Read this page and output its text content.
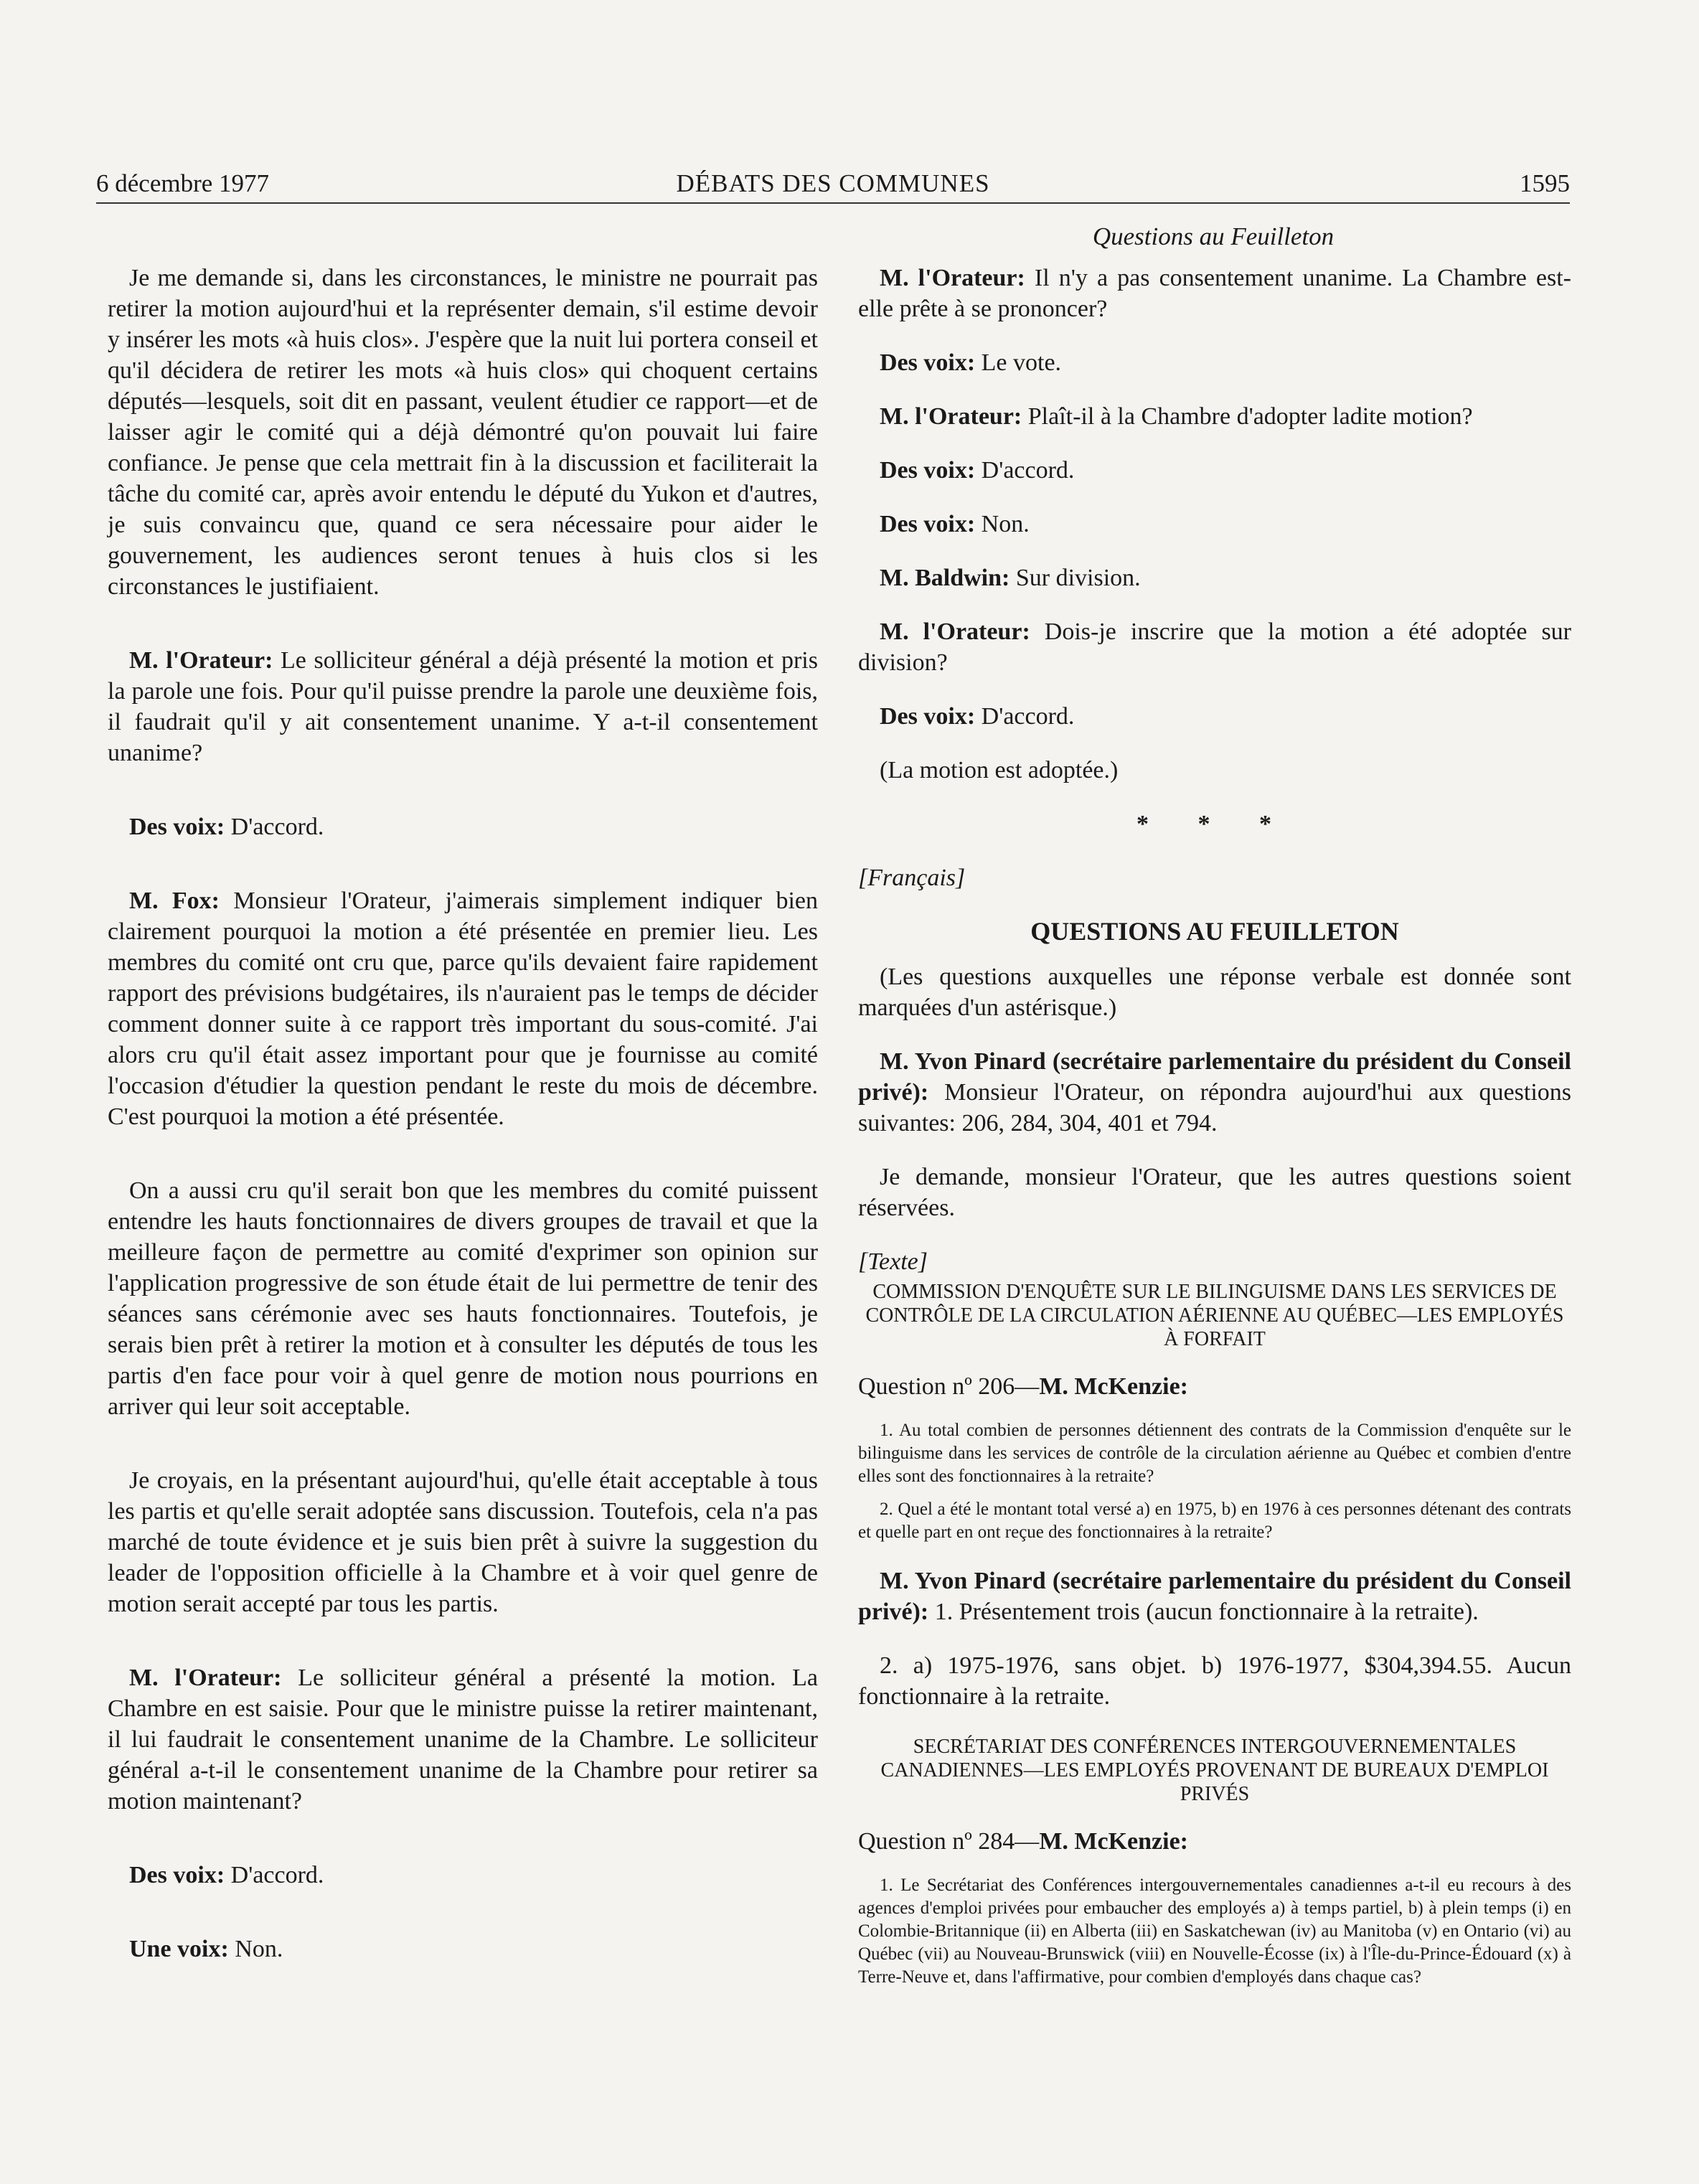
6 décembre 1977	DÉBATS DES COMMUNES	1595
Questions au Feuilleton

Je me demande si, dans les circonstances, le ministre ne pourrait pas retirer la motion aujourd'hui et la représenter demain, s'il estime devoir y insérer les mots «à huis clos». J'espère que la nuit lui portera conseil et qu'il décidera de retirer les mots «à huis clos» qui choquent certains députés—lesquels, soit dit en passant, veulent étudier ce rapport—et de laisser agir le comité qui a déjà démontré qu'on pouvait lui faire confiance. Je pense que cela mettrait fin à la discussion et faciliterait la tâche du comité car, après avoir entendu le député du Yukon et d'autres, je suis convaincu que, quand ce sera nécessaire pour aider le gouvernement, les audiences seront tenues à huis clos si les circonstances le justifiaient.

M. l'Orateur: Le solliciteur général a déjà présenté la motion et pris la parole une fois. Pour qu'il puisse prendre la parole une deuxième fois, il faudrait qu'il y ait consentement unanime. Y a-t-il consentement unanime?

Des voix: D'accord.

M. Fox: Monsieur l'Orateur, j'aimerais simplement indiquer bien clairement pourquoi la motion a été présentée en premier lieu. Les membres du comité ont cru que, parce qu'ils devaient faire rapidement rapport des prévisions budgétaires, ils n'auraient pas le temps de décider comment donner suite à ce rapport très important du sous-comité. J'ai alors cru qu'il était assez important pour que je fournisse au comité l'occasion d'étudier la question pendant le reste du mois de décembre. C'est pourquoi la motion a été présentée.

On a aussi cru qu'il serait bon que les membres du comité puissent entendre les hauts fonctionnaires de divers groupes de travail et que la meilleure façon de permettre au comité d'exprimer son opinion sur l'application progressive de son étude était de lui permettre de tenir des séances sans cérémonie avec ses hauts fonctionnaires. Toutefois, je serais bien prêt à retirer la motion et à consulter les députés de tous les partis d'en face pour voir à quel genre de motion nous pourrions en arriver qui leur soit acceptable.

Je croyais, en la présentant aujourd'hui, qu'elle était acceptable à tous les partis et qu'elle serait adoptée sans discussion. Toutefois, cela n'a pas marché de toute évidence et je suis bien prêt à suivre la suggestion du leader de l'opposition officielle à la Chambre et à voir quel genre de motion serait accepté par tous les partis.

M. l'Orateur: Le solliciteur général a présenté la motion. La Chambre en est saisie. Pour que le ministre puisse la retirer maintenant, il lui faudrait le consentement unanime de la Chambre. Le solliciteur général a-t-il le consentement unanime de la Chambre pour retirer sa motion maintenant?

Des voix: D'accord.

Une voix: Non.

M. l'Orateur: Il n'y a pas consentement unanime. La Chambre est-elle prête à se prononcer?

Des voix: Le vote.

M. l'Orateur: Plaît-il à la Chambre d'adopter ladite motion?

Des voix: D'accord.

Des voix: Non.

M. Baldwin: Sur division.

M. l'Orateur: Dois-je inscrire que la motion a été adoptée sur division?

Des voix: D'accord.

(La motion est adoptée.)

* * *

[Français]

QUESTIONS AU FEUILLETON

(Les questions auxquelles une réponse verbale est donnée sont marquées d'un astérisque.)

M. Yvon Pinard (secrétaire parlementaire du président du Conseil privé): Monsieur l'Orateur, on répondra aujourd'hui aux questions suivantes: 206, 284, 304, 401 et 794.

Je demande, monsieur l'Orateur, que les autres questions soient réservées.

[Texte]

COMMISSION D'ENQUÊTE SUR LE BILINGUISME DANS LES SERVICES DE CONTRÔLE DE LA CIRCULATION AÉRIENNE AU QUÉBEC—LES EMPLOYÉS À FORFAIT

Question nº 206—M. McKenzie:

1. Au total combien de personnes détiennent des contrats de la Commission d'enquête sur le bilinguisme dans les services de contrôle de la circulation aérienne au Québec et combien d'entre elles sont des fonctionnaires à la retraite?

2. Quel a été le montant total versé a) en 1975, b) en 1976 à ces personnes détenant des contrats et quelle part en ont reçue des fonctionnaires à la retraite?

M. Yvon Pinard (secrétaire parlementaire du président du Conseil privé): 1. Présentement trois (aucun fonctionnaire à la retraite).

2. a) 1975-1976, sans objet. b) 1976-1977, $304,394.55. Aucun fonctionnaire à la retraite.

SECRÉTARIAT DES CONFÉRENCES INTERGOUVERNEMENTALES CANADIENNES—LES EMPLOYÉS PROVENANT DE BUREAUX D'EMPLOI PRIVÉS

Question nº 284—M. McKenzie:

1. Le Secrétariat des Conférences intergouvernementales canadiennes a-t-il eu recours à des agences d'emploi privées pour embaucher des employés a) à temps partiel, b) à plein temps (i) en Colombie-Britannique (ii) en Alberta (iii) en Saskatchewan (iv) au Manitoba (v) en Ontario (vi) au Québec (vii) au Nouveau-Brunswick (viii) en Nouvelle-Écosse (ix) à l'Île-du-Prince-Édouard (x) à Terre-Neuve et, dans l'affirmative, pour combien d'employés dans chaque cas?
